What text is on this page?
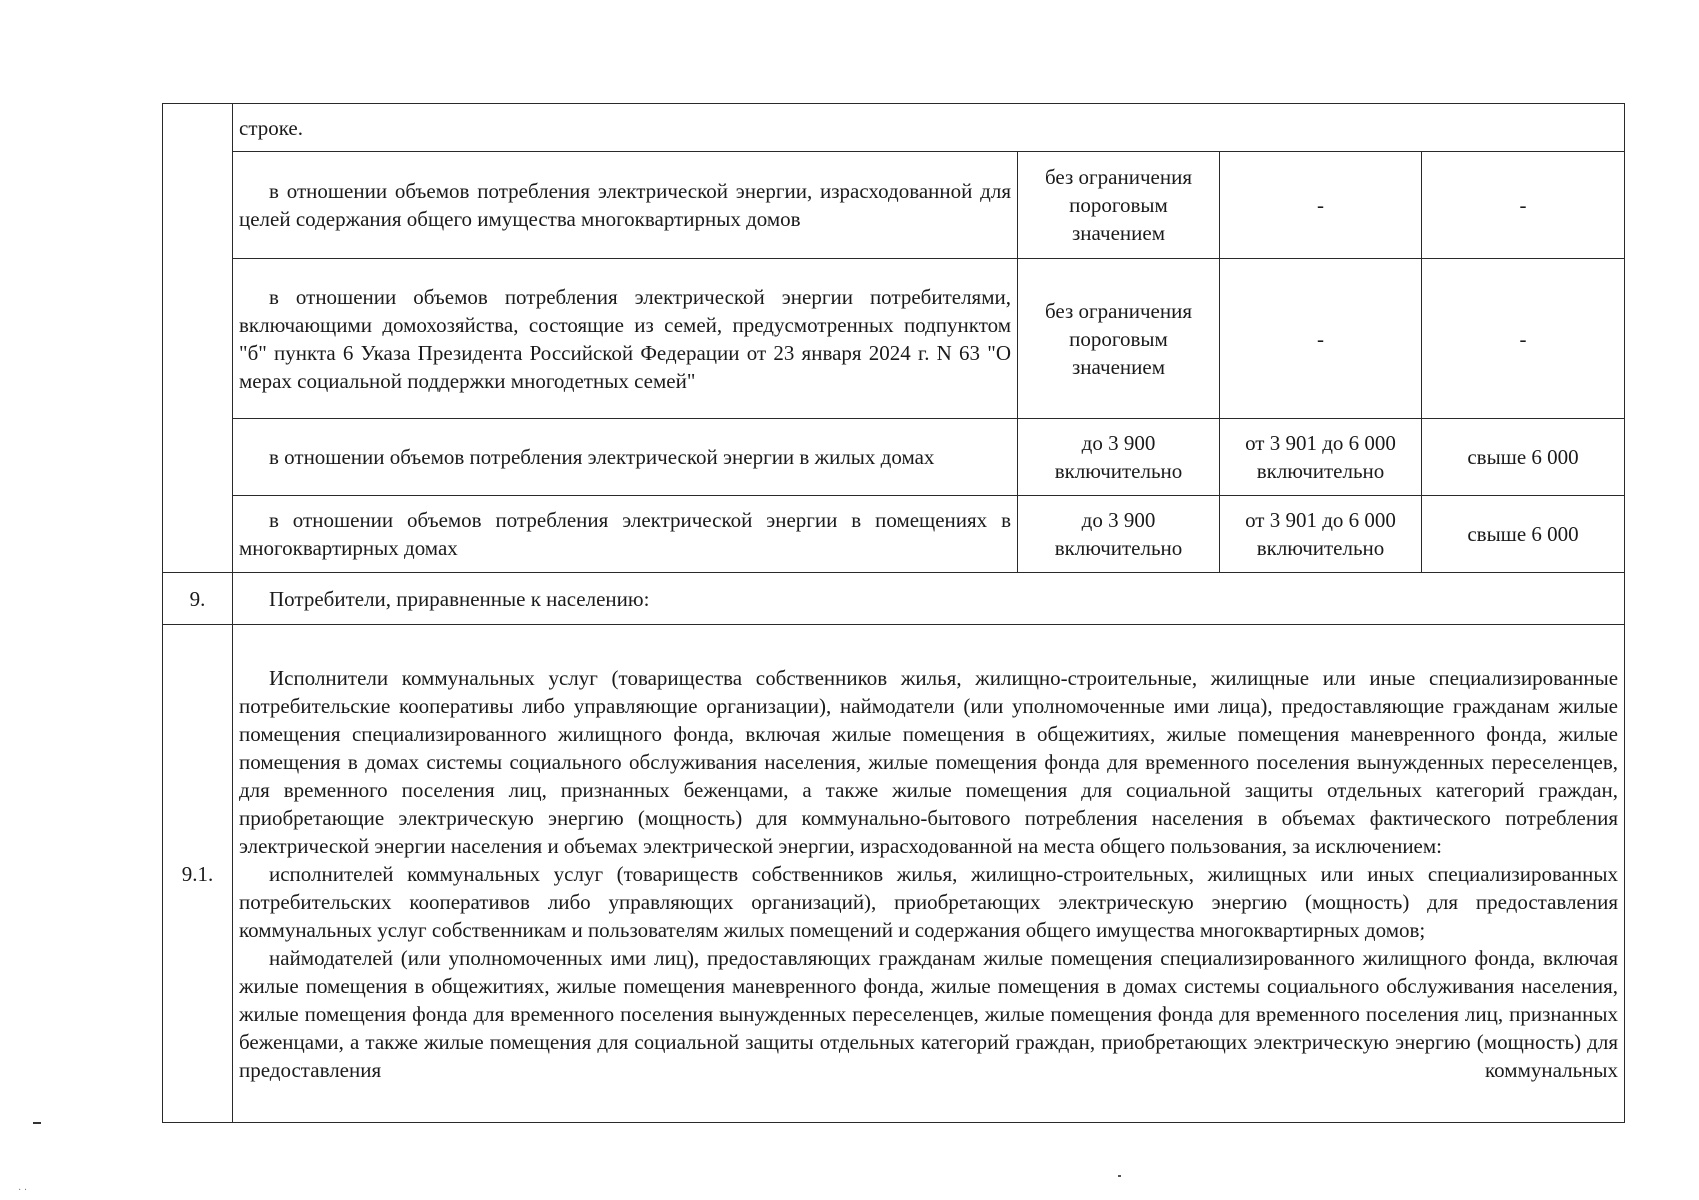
	строке.			
	в отношении объемов потребления электрической энергии, израсходованной для целей содержания общего имущества многоквартирных домов	без ограничения пороговым значением	-	-
	в отношении объемов потребления электрической энергии потребителями, включающими домохозяйства, состоящие из семей, предусмотренных подпунктом "б" пункта 6 Указа Президента Российской Федерации от 23 января 2024 г. N 63 "О мерах социальной поддержки многодетных семей"	без ограничения пороговым значением	-	-
	в отношении объемов потребления электрической энергии в жилых домах	до 3 900 включительно	от 3 901 до 6 000 включительно	свыше 6 000
	в отношении объемов потребления электрической энергии в помещениях в многоквартирных домах	до 3 900 включительно	от 3 901 до 6 000 включительно	свыше 6 000
9.	Потребители, приравненные к населению:			
9.1.	Исполнители коммунальных услуг (товарищества собственников жилья, жилищно-строительные, жилищные или иные специализированные потребительские кооперативы либо управляющие организации), наймодатели (или уполномоченные ими лица), предоставляющие гражданам жилые помещения специализированного жилищного фонда, включая жилые помещения в общежитиях, жилые помещения маневренного фонда, жилые помещения в домах системы социального обслуживания населения, жилые помещения фонда для временного поселения вынужденных переселенцев, для временного поселения лиц, признанных беженцами, а также жилые помещения для социальной защиты отдельных категорий граждан, приобретающие электрическую энергию (мощность) для коммунально-бытового потребления населения в объемах фактического потребления электрической энергии населения и объемах электрической энергии, израсходованной на места общего пользования, за исключением:

исполнителей коммунальных услуг (товариществ собственников жилья, жилищно-строительных, жилищных или иных специализированных потребительских кооперативов либо управляющих организаций), приобретающих электрическую энергию (мощность) для предоставления коммунальных услуг собственникам и пользователям жилых помещений и содержания общего имущества многоквартирных домов;

наймодателей (или уполномоченных ими лиц), предоставляющих гражданам жилые помещения специализированного жилищного фонда, включая жилые помещения в общежитиях, жилые помещения маневренного фонда, жилые помещения в домах системы социального обслуживания населения, жилые помещения фонда для временного поселения вынужденных переселенцев, жилые помещения фонда для временного поселения лиц, признанных беженцами, а также жилые помещения для социальной защиты отдельных категорий граждан, приобретающих электрическую энергию (мощность) для предоставления коммунальных			

· ·
